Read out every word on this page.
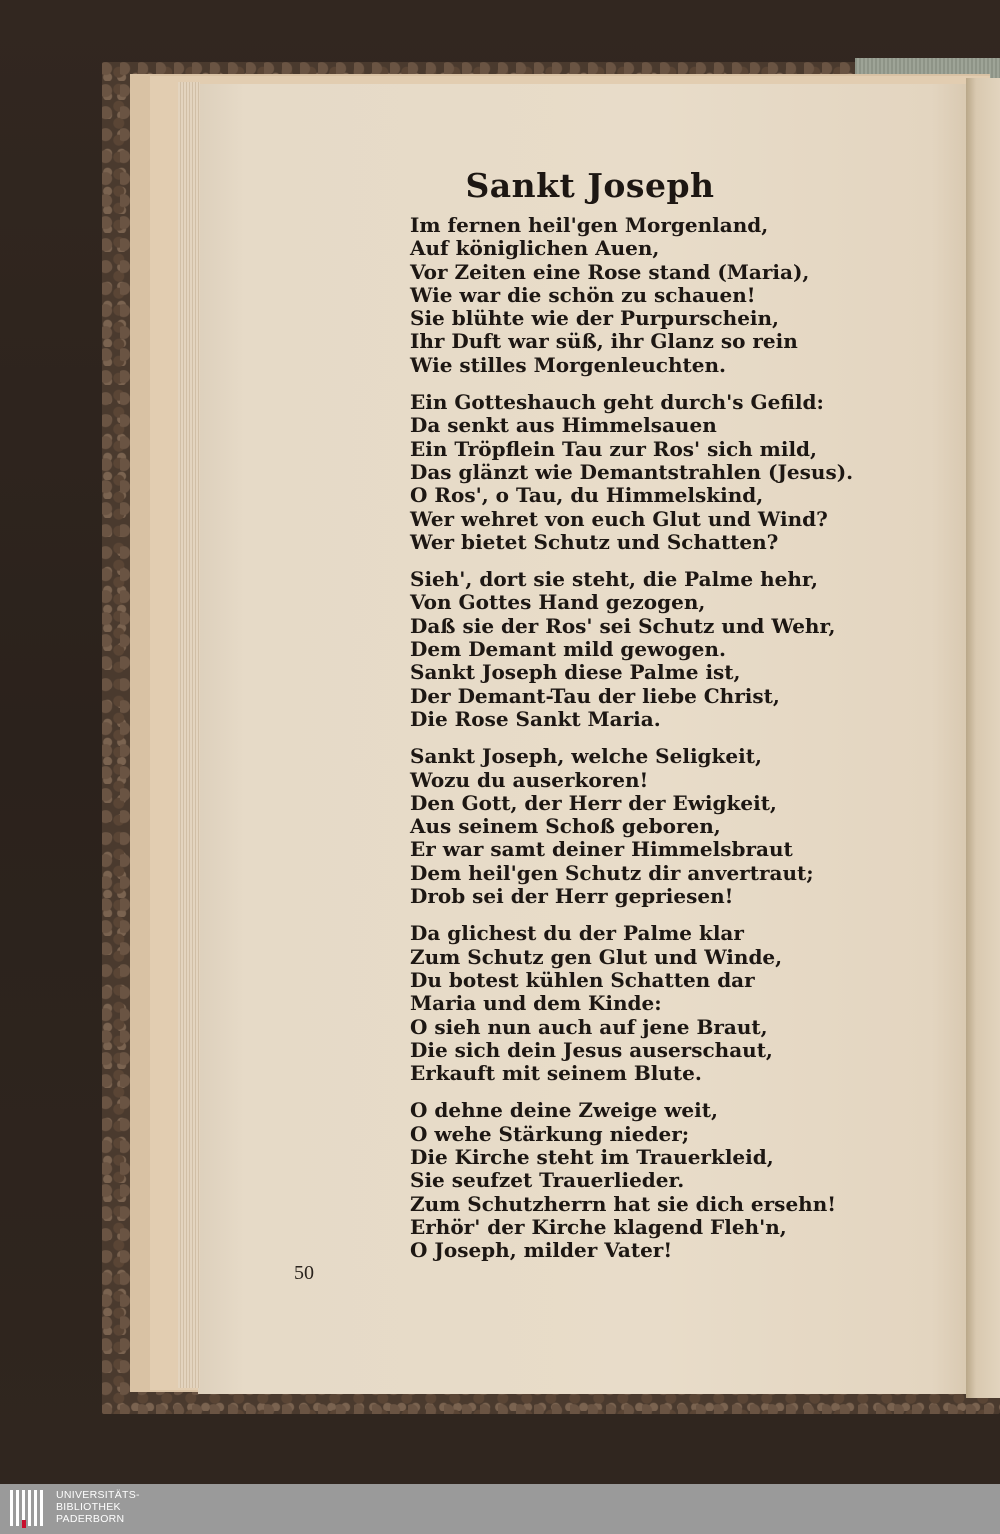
Sankt Joseph
Im fernen heil'gen Morgenland,
Auf königlichen Auen,
Vor Zeiten eine Rose stand (Maria),
Wie war die schön zu schauen!
Sie blühte wie der Purpurschein,
Ihr Duft war süß, ihr Glanz so rein
Wie stilles Morgenleuchten.
Ein Gotteshauch geht durch's Gefild:
Da senkt aus Himmelsauen
Ein Tröpflein Tau zur Ros' sich mild,
Das glänzt wie Demantstrahlen (Jesus).
O Ros', o Tau, du Himmelskind,
Wer wehret von euch Glut und Wind?
Wer bietet Schutz und Schatten?
Sieh', dort sie steht, die Palme hehr,
Von Gottes Hand gezogen,
Daß sie der Ros' sei Schutz und Wehr,
Dem Demant mild gewogen.
Sankt Joseph diese Palme ist,
Der Demant-Tau der liebe Christ,
Die Rose Sankt Maria.
Sankt Joseph, welche Seligkeit,
Wozu du auserkoren!
Den Gott, der Herr der Ewigkeit,
Aus seinem Schoß geboren,
Er war samt deiner Himmelsbraut
Dem heil'gen Schutz dir anvertraut;
Drob sei der Herr gepriesen!
Da glichest du der Palme klar
Zum Schutz gen Glut und Winde,
Du botest kühlen Schatten dar
Maria und dem Kinde:
O sieh nun auch auf jene Braut,
Die sich dein Jesus auserschaut,
Erkauft mit seinem Blute.
O dehne deine Zweige weit,
O wehe Stärkung nieder;
Die Kirche steht im Trauerkleid,
Sie seufzet Trauerlieder.
Zum Schutzherrn hat sie dich ersehn!
Erhör' der Kirche klagend Fleh'n,
O Joseph, milder Vater!
50
UNIVERSITÄTS-
BIBLIOTHEK
PADERBORN
